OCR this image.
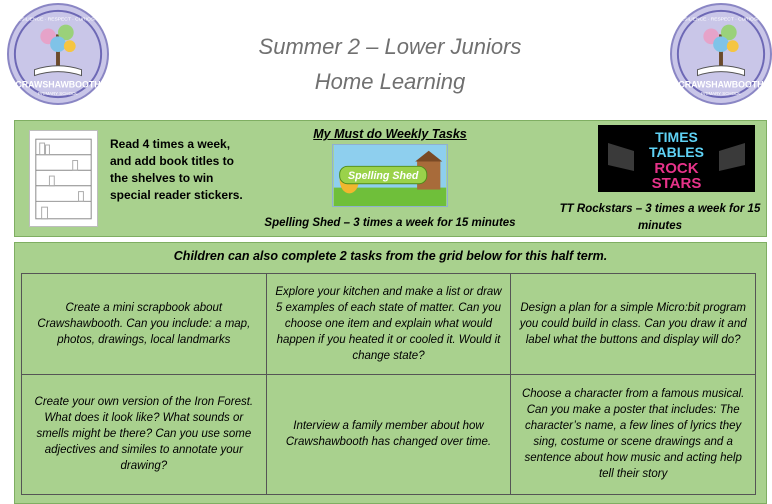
CRAWSHAWBOOTH
PRIMARY SCHOOL
RESILIENCE · RESPECT · CURIOSITY
CRAWSHAWBOOTH
PRIMARY SCHOOL
RESILIENCE · RESPECT · CURIOSITY
Summer 2 – Lower Juniors
Home Learning
Read 4 times a week, and add book titles to the shelves to win special reader stickers.
My Must do Weekly Tasks
Spelling Shed
Spelling Shed – 3 times a week for 15 minutes
TIMES
TABLES
ROCK
STARS
TT Rockstars – 3 times a week for 15 minutes
Children can also complete 2 tasks from the grid below for this half term.
Create a mini scrapbook about Crawshawbooth. Can you include: a map, photos, drawings, local landmarks	Explore your kitchen and make a list or draw 5 examples of each state of matter. Can you choose one item and explain what would happen if you heated it or cooled it. Would it change state?	Design a plan for a simple Micro:bit program you could build in class. Can you draw it and label what the buttons and display will do?
Create your own version of the Iron Forest. What does it look like? What sounds or smells might be there? Can you use some adjectives and similes to annotate your drawing?	Interview a family member about how Crawshawbooth has changed over time.	Choose a character from a famous musical. Can you make a poster that includes: The character’s name, a few lines of lyrics they sing, costume or scene drawings and a sentence about how music and acting help tell their story
